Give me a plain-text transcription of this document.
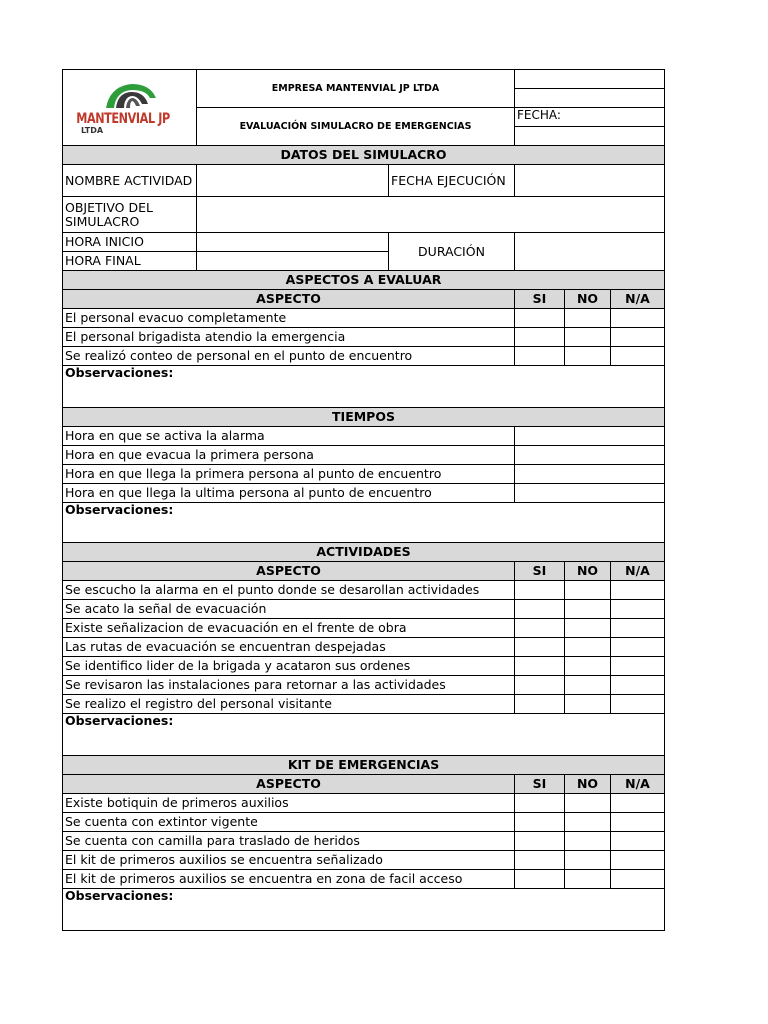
MANTENVIAL JP
LTDA	EMPRESA MANTENVIAL JP LTDA				

	EVALUACIÓN SIMULACRO DE EMERGENCIAS		FECHA:		

DATOS DEL SIMULACRO					
NOMBRE ACTIVIDAD		FECHA EJECUCIÓN			
OBJETIVO DEL SIMULACRO					
HORA INICIO		DURACIÓN			
HORA FINAL					
ASPECTOS A EVALUAR					
ASPECTO			SI	NO	N/A
El personal evacuo completamente					
El personal brigadista atendio la emergencia					
Se realizó conteo de personal en el punto de encuentro					
Observaciones:					
TIEMPOS					
Hora en que se activa la alarma					
Hora en que evacua la primera persona					
Hora en que llega la primera persona al punto de encuentro					
Hora en que llega la ultima persona al punto de encuentro					
Observaciones:					
ACTIVIDADES					
ASPECTO			SI	NO	N/A
Se escucho la alarma en el punto donde se desarollan actividades					
Se acato la señal de evacuación					
Existe señalizacion de evacuación en el frente de obra					
Las rutas de evacuación se encuentran despejadas					
Se identifico lider de la brigada y acataron sus ordenes					
Se revisaron las instalaciones para retornar a las actividades					
Se realizo el registro del personal visitante					
Observaciones:					
KIT DE EMERGENCIAS					
ASPECTO			SI	NO	N/A
Existe botiquin de primeros auxilios					
Se cuenta con extintor vigente					
Se cuenta con camilla para traslado de heridos					
El kit de primeros auxilios se encuentra señalizado					
El kit de primeros auxilios se encuentra en zona de facil acceso					
Observaciones:					
